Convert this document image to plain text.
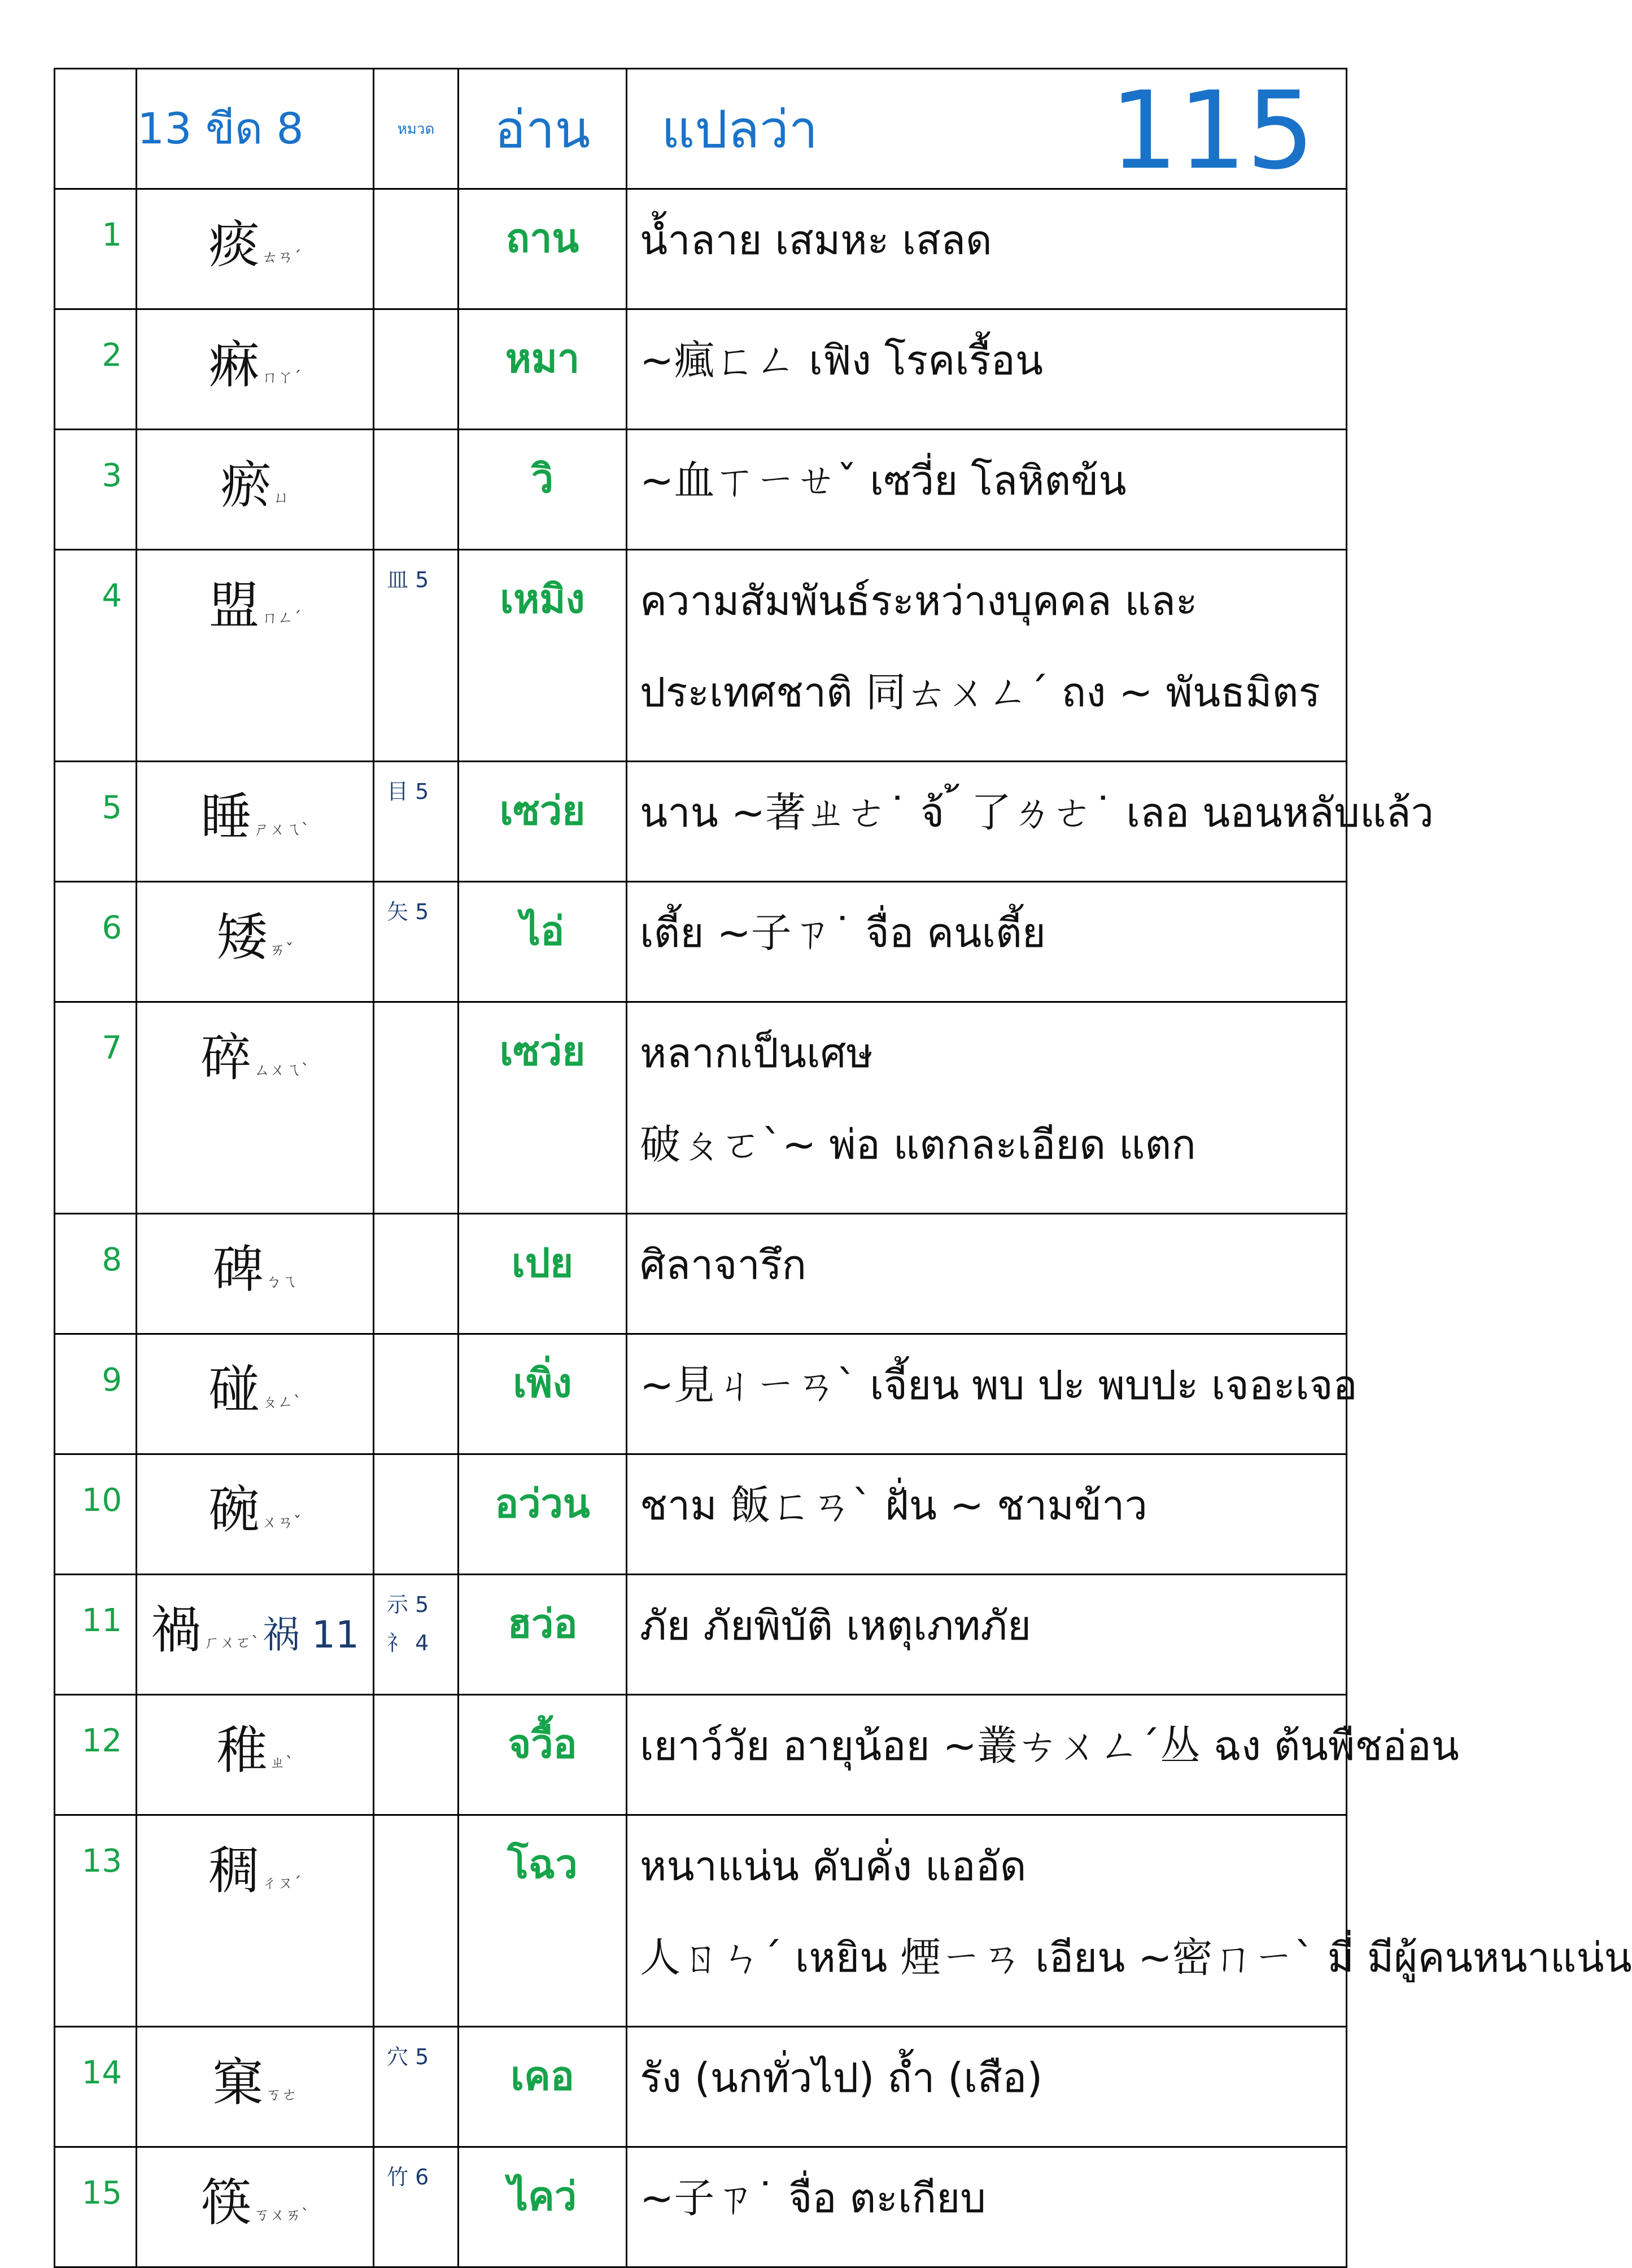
	13 ขีด 8	หมวด	อ่าน	แปลว่า 115

1	痰 ㄊㄢˊ		ถาน	น้ำลาย เสมหะ เสลด

2	痳 ㄇㄚˊ		หมา	~瘋ㄈㄥ เฟิง โรคเรื้อน

3	瘀 ㄩ		วิ	~血ㄒㄧㄝˇ เซวี่ย โลหิตข้น

4	盟 ㄇㄥˊ	皿 5	เหมิง	ความสัมพันธ์ระหว่างบุคคล และ
ประเทศชาติ 同ㄊㄨㄥˊ ถง ~ พันธมิตร

5	睡 ㄕㄨㄟˋ	目 5	เซว่ย	นาน ~著ㄓㄜ˙ จ้ ้ 了ㄌㄜ˙ เลอ นอนหลับแล้ว

6	矮 ㄞˇ	矢 5	ไอ่	เตี้ย ~子ㄗ˙ จื่อ คนเตี้ย

7	碎 ㄙㄨㄟˋ		เซว่ย	หลากเป็นเศษ
破ㄆㄛˋ~ พ่อ แตกละเอียด แตก

8	碑 ㄅㄟ		เปย	ศิลาจารึก

9	碰 ㄆㄥˋ		เพิ่ง	~見ㄐㄧㄢˋ เจี้ยน พบ ปะ พบปะ เจอะเจอ

10	碗 ㄨㄢˇ		อว่วน	ชาม 飯ㄈㄢˋ ฝั่น ~ ชามข้าว

11	禍 ㄏㄨㄛˋ祸 11	示 5
礻 4	ฮว่อ	ภัย ภัยพิบัติ เหตุเภทภัย

12	稚 ㄓˋ		จวื้อ	เยาว์วัย อายุน้อย ~叢ㄘㄨㄥˊ丛 ฉง ต้นพืชอ่อน

13	稠 ㄔㄡˊ		โฉว	หนาแน่น คับคั่ง แออัด
人ㄖㄣˊ เหยิน 煙ㄧㄢ เอียน ~密ㄇㄧˋ มี่ มีผู้คนหนาแน่น

14	窠 ㄎㄜ	穴 5	เคอ	รัง (นกทั่วไป) ถ้ำ (เสือ)

15	筷 ㄎㄨㄞˋ	竹 6	ไคว่	~子ㄗ˙ จื่อ ตะเกียบ
